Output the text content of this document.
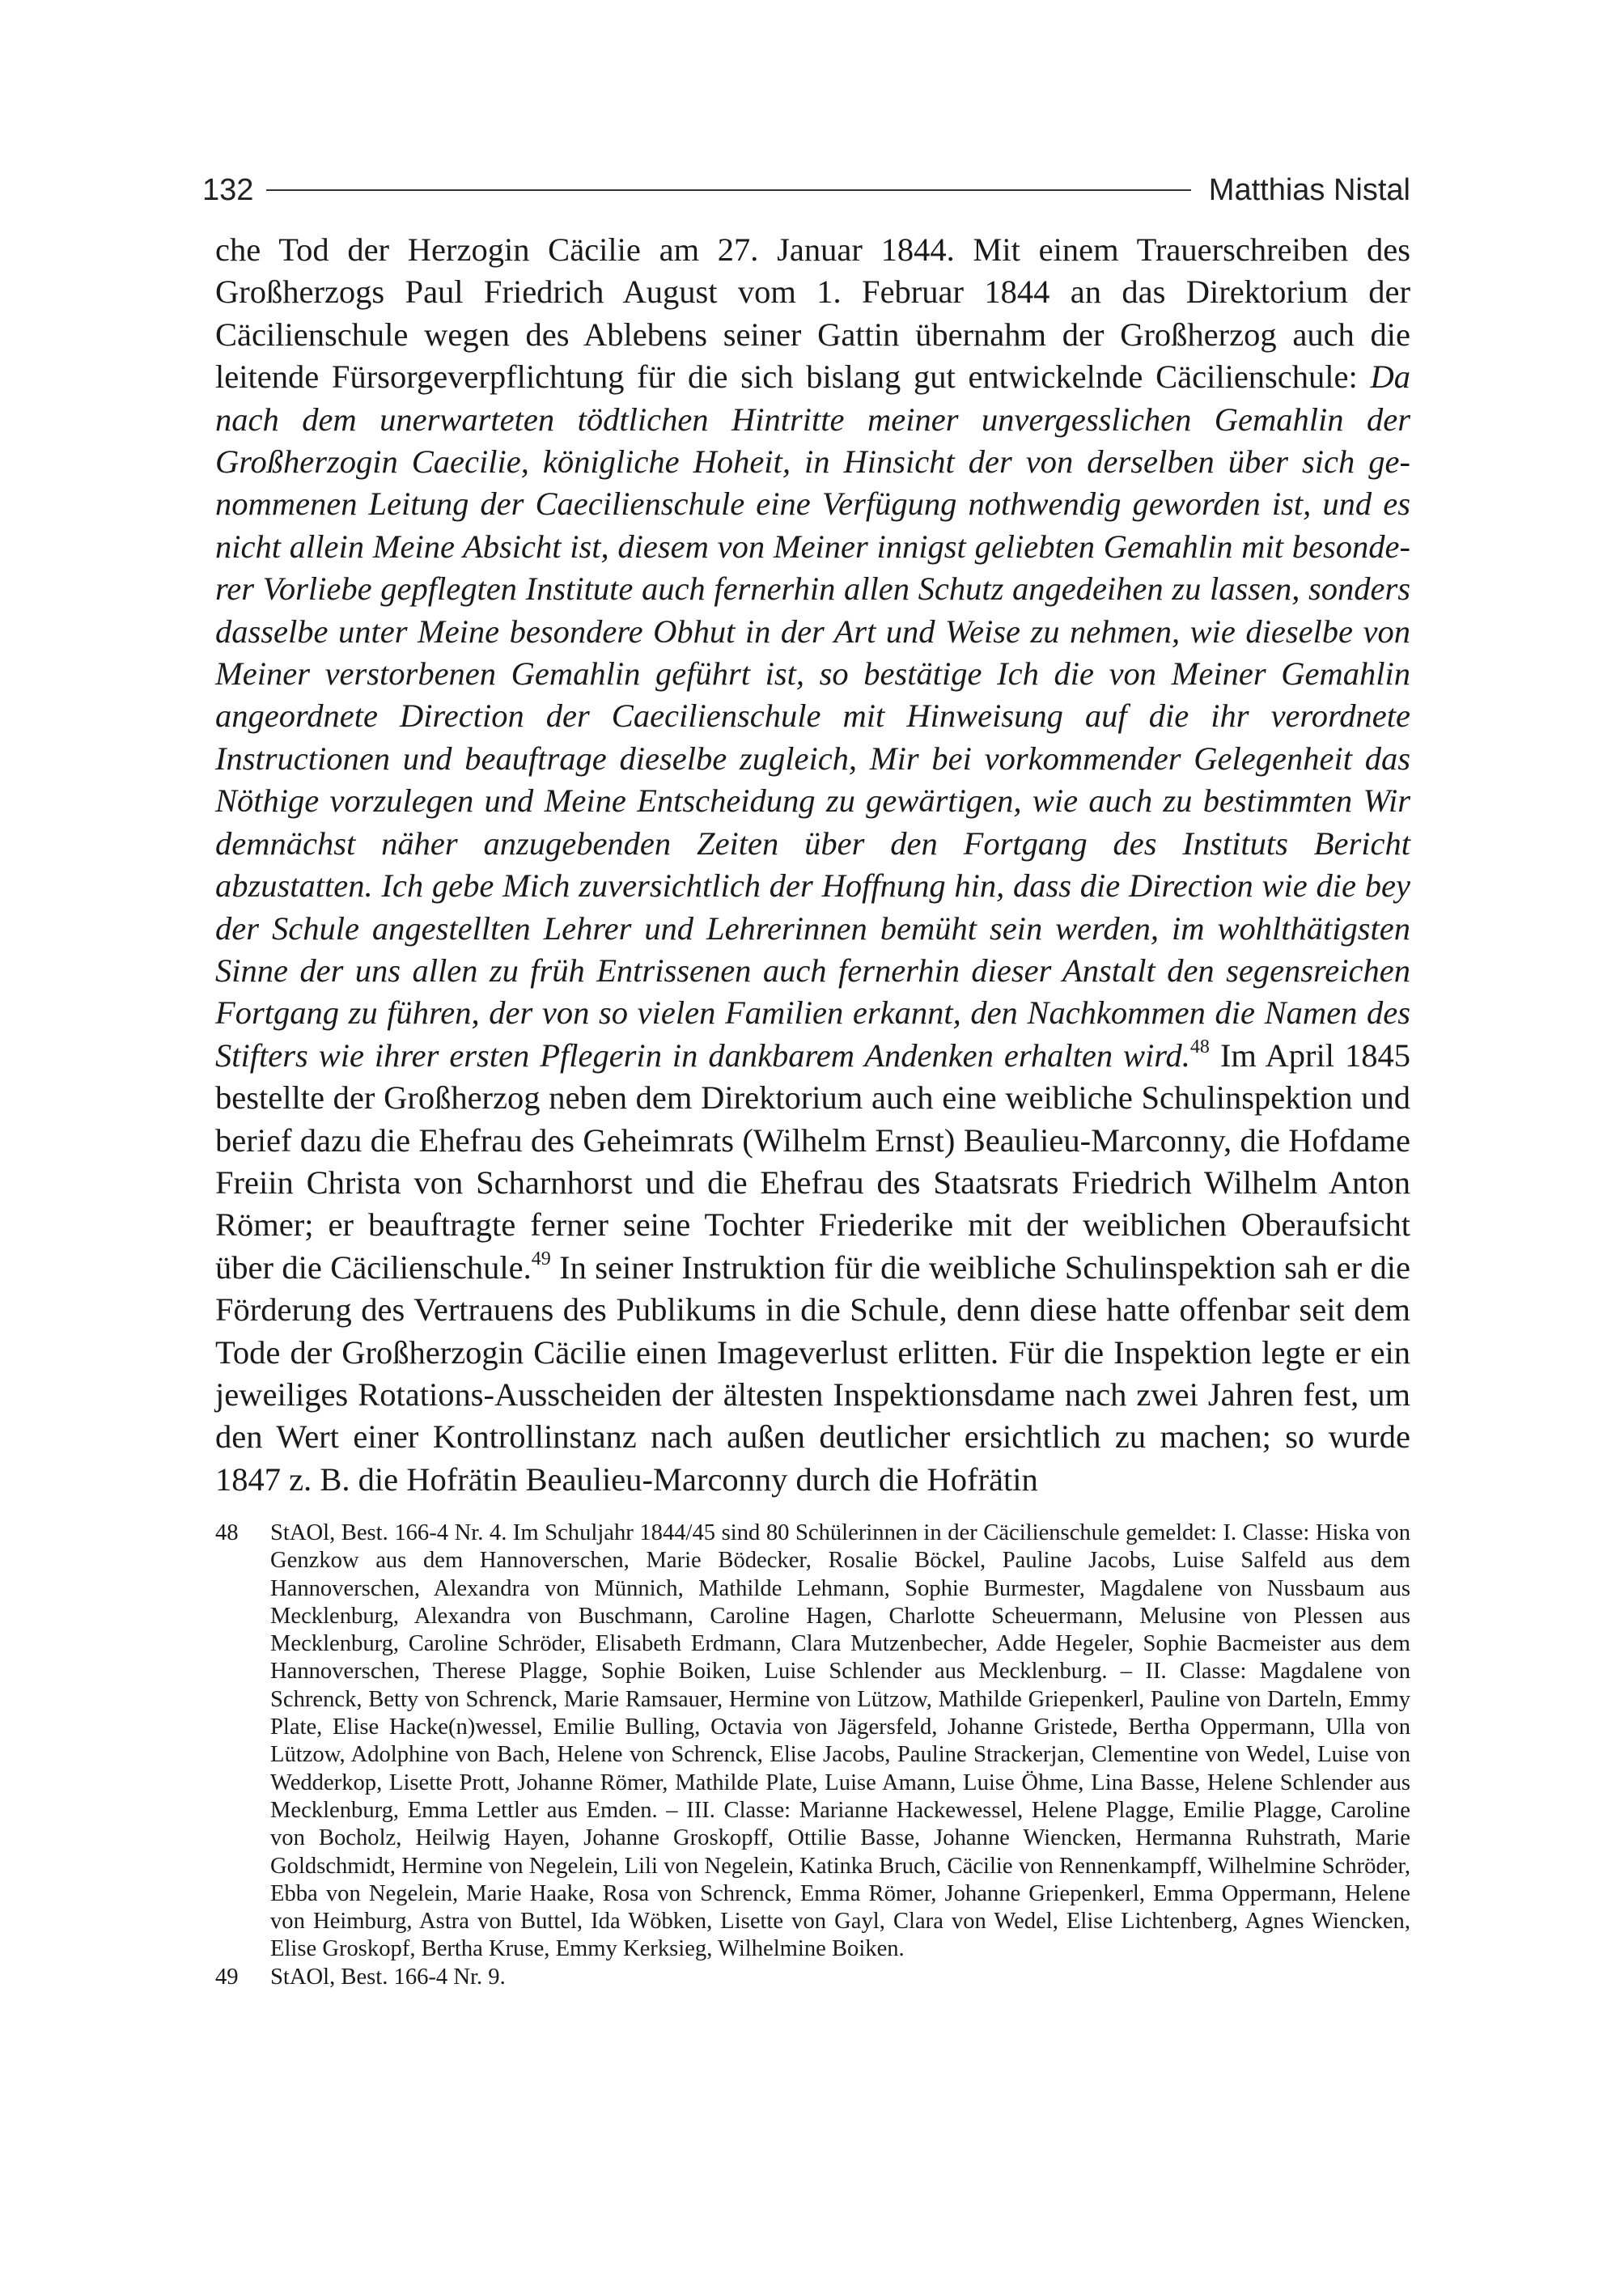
132	Matthias Nistal

che Tod der Herzogin Cäcilie am 27. Januar 1844. Mit einem Trauerschreiben des Großherzogs Paul Friedrich August vom 1. Februar 1844 an das Direktorium der Cäcilienschule wegen des Ablebens seiner Gattin übernahm der Großherzog auch die leitende Fürsorgeverpflichtung für die sich bislang gut entwickelnde Cäcilienschule: Da nach dem unerwarteten tödtlichen Hintritte meiner unvergesslichen Gemahlin der Großherzogin Caecilie, königliche Hoheit, in Hinsicht der von derselben über sich genommenen Leitung der Caecilienschule eine Verfügung nothwendig geworden ist, und es nicht allein Meine Absicht ist, diesem von Meiner innigst geliebten Gemahlin mit besonderer Vorliebe gepflegten Institute auch fernerhin allen Schutz angedeihen zu lassen, sonders dasselbe unter Meine besondere Obhut in der Art und Weise zu nehmen, wie dieselbe von Meiner verstorbenen Gemahlin geführt ist, so bestätige Ich die von Meiner Gemahlin angeordnete Direction der Caecilienschule mit Hinweisung auf die ihr verordnete Instructionen und beauftrage dieselbe zugleich, Mir bei vorkommender Gelegenheit das Nöthige vorzulegen und Meine Entscheidung zu gewärtigen, wie auch zu bestimmten Wir demnächst näher anzugebenden Zeiten über den Fortgang des Instituts Bericht abzustatten. Ich gebe Mich zuversichtlich der Hoffnung hin, dass die Direction wie die bey der Schule angestellten Lehrer und Lehrerinnen bemüht sein werden, im wohlthätigsten Sinne der uns allen zu früh Entrissenen auch fernerhin dieser Anstalt den segensreichen Fortgang zu führen, der von so vielen Familien erkannt, den Nachkommen die Namen des Stifters wie ihrer ersten Pflegerin in dankbarem Andenken erhalten wird.$^{48}$ Im April 1845 bestellte der Großherzog neben dem Direktorium auch eine weibliche Schulinspektion und berief dazu die Ehefrau des Geheimrats (Wilhelm Ernst) Beaulieu-Marconny, die Hofdame Freiin Christa von Scharnhorst und die Ehefrau des Staatsrats Friedrich Wilhelm Anton Römer; er beauftragte ferner seine Tochter Friederike mit der weiblichen Oberaufsicht über die Cäcilienschule.$^{49}$ In seiner Instruktion für die weibliche Schulinspektion sah er die Förderung des Vertrauens des Publikums in die Schule, denn diese hatte offenbar seit dem Tode der Großherzogin Cäcilie einen Imageverlust erlitten. Für die Inspektion legte er ein jeweiliges Rotations-Ausscheiden der ältesten Inspektionsdame nach zwei Jahren fest, um den Wert einer Kontrollinstanz nach außen deutlicher ersichtlich zu machen; so wurde 1847 z. B. die Hofrätin Beaulieu-Marconny durch die Hofrätin

48	StAOl, Best. 166-4 Nr. 4. Im Schuljahr 1844/45 sind 80 Schülerinnen in der Cäcilienschule gemeldet: I. Classe: Hiska von Genzkow aus dem Hannoverschen, Marie Bödecker, Rosalie Böckel, Pauline Jacobs, Luise Salfeld aus dem Hannoverschen, Alexandra von Münnich, Mathilde Lehmann, Sophie Burmester, Magdalene von Nussbaum aus Mecklenburg, Alexandra von Buschmann, Caroline Hagen, Charlotte Scheuermann, Melusine von Plessen aus Mecklenburg, Caroline Schröder, Elisabeth Erdmann, Clara Mutzenbecher, Adde Hegeler, Sophie Bacmeister aus dem Hannoverschen, Therese Plagge, Sophie Boiken, Luise Schlender aus Mecklenburg. – II. Classe: Magdalene von Schrenck, Betty von Schrenck, Marie Ramsauer, Hermine von Lützow, Mathilde Griepenkerl, Pauline von Darteln, Emmy Plate, Elise Hacke(n)wessel, Emilie Bulling, Octavia von Jägersfeld, Johanne Gristede, Bertha Oppermann, Ulla von Lützow, Adolphine von Bach, Helene von Schrenck, Elise Jacobs, Pauline Strackerjan, Clementine von Wedel, Luise von Wedderkop, Lisette Prott, Johanne Römer, Mathilde Plate, Luise Amann, Luise Öhme, Lina Basse, Helene Schlender aus Mecklenburg, Emma Lettler aus Emden. – III. Classe: Marianne Hackewessel, Helene Plagge, Emilie Plagge, Caroline von Bocholz, Heilwig Hayen, Johanne Groskopff, Ottilie Basse, Johanne Wiencken, Hermanna Ruhstrath, Marie Goldschmidt, Hermine von Negelein, Lili von Negelein, Katinka Bruch, Cäcilie von Rennenkampff, Wilhelmine Schröder, Ebba von Negelein, Marie Haake, Rosa von Schrenck, Emma Römer, Johanne Griepenkerl, Emma Oppermann, Helene von Heimburg, Astra von Buttel, Ida Wöbken, Lisette von Gayl, Clara von Wedel, Elise Lichtenberg, Agnes Wiencken, Elise Groskopf, Bertha Kruse, Emmy Kerksieg, Wilhelmine Boiken.
49	StAOl, Best. 166-4 Nr. 9.
